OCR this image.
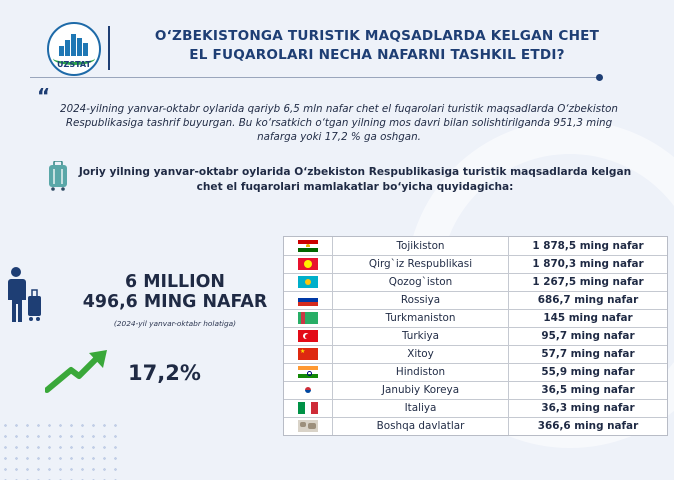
UZSTAT
O‘ZBEKISTONGA TURISTIK MAQSADLARDA KELGAN CHET
EL FUQAROLARI NECHA NAFARNI TASHKIL ETDI?
“
2024-yilning yanvar-oktabr oylarida qariyb 6,5 mln nafar chet el fuqarolari turistik maqsadlarda O‘zbekiston
Respublikasiga tashrif buyurgan. Bu ko‘rsatkich o‘tgan yilning mos davri bilan solishtirilganda 951,3 ming
nafarga yoki 17,2 % ga oshgan.
Joriy yilning yanvar-oktabr oylarida O‘zbekiston Respublikasiga turistik maqsadlarda kelgan
chet el fuqarolari mamlakatlar bo‘yicha quyidagicha:
6 MILLION
496,6 MING NAFAR
(2024-yil yanvar-oktabr holatiga)
17,2%
Tojikiston	1 878,5 ming nafar
Qirg`iz Respublikasi	1 870,3 ming nafar
Qozog`iston	1 267,5 ming nafar
Rossiya	686,7 ming nafar
Turkmaniston	145 ming nafar
Turkiya	95,7 ming nafar
★	Xitoy	57,7 ming nafar
Hindiston	55,9 ming nafar
Janubiy Koreya	36,5 ming nafar
Italiya	36,3 ming nafar
Boshqa davlatlar	366,6 ming nafar
